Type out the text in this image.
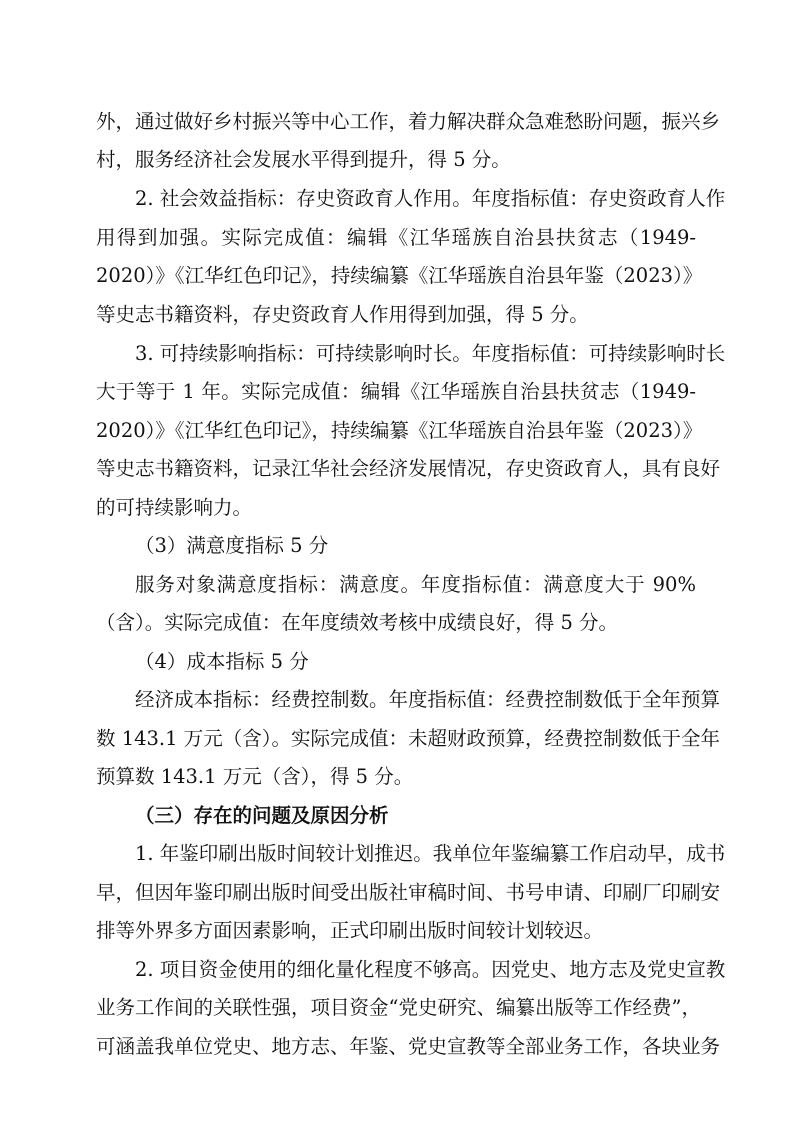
外，通过做好乡村振兴等中心工作，着力解决群众急难愁盼问题，振兴乡
村，服务经济社会发展水平得到提升，得 5 分。
2. 社会效益指标：存史资政育人作用。年度指标值：存史资政育人作
用得到加强。实际完成值：编辑《江华瑶族自治县扶贫志（1949-
2020）》《江华红色印记》，持续编纂《江华瑶族自治县年鉴（2023）》
等史志书籍资料，存史资政育人作用得到加强，得 5 分。
3. 可持续影响指标：可持续影响时长。年度指标值：可持续影响时长
大于等于 1 年。实际完成值：编辑《江华瑶族自治县扶贫志（1949-
2020）》《江华红色印记》，持续编纂《江华瑶族自治县年鉴（2023）》
等史志书籍资料，记录江华社会经济发展情况，存史资政育人，具有良好
的可持续影响力。
（3）满意度指标 5 分
服务对象满意度指标：满意度。年度指标值：满意度大于 90%
（含）。实际完成值：在年度绩效考核中成绩良好，得 5 分。
（4）成本指标 5 分
经济成本指标：经费控制数。年度指标值：经费控制数低于全年预算
数 143.1 万元（含）。实际完成值：未超财政预算，经费控制数低于全年
预算数 143.1 万元（含），得 5 分。
（三）存在的问题及原因分析
1. 年鉴印刷出版时间较计划推迟。我单位年鉴编纂工作启动早，成书
早，但因年鉴印刷出版时间受出版社审稿时间、书号申请、印刷厂印刷安
排等外界多方面因素影响，正式印刷出版时间较计划较迟。
2. 项目资金使用的细化量化程度不够高。因党史、地方志及党史宣教
业务工作间的关联性强，项目资金“党史研究、编纂出版等工作经费”，
可涵盖我单位党史、地方志、年鉴、党史宣教等全部业务工作，各块业务
